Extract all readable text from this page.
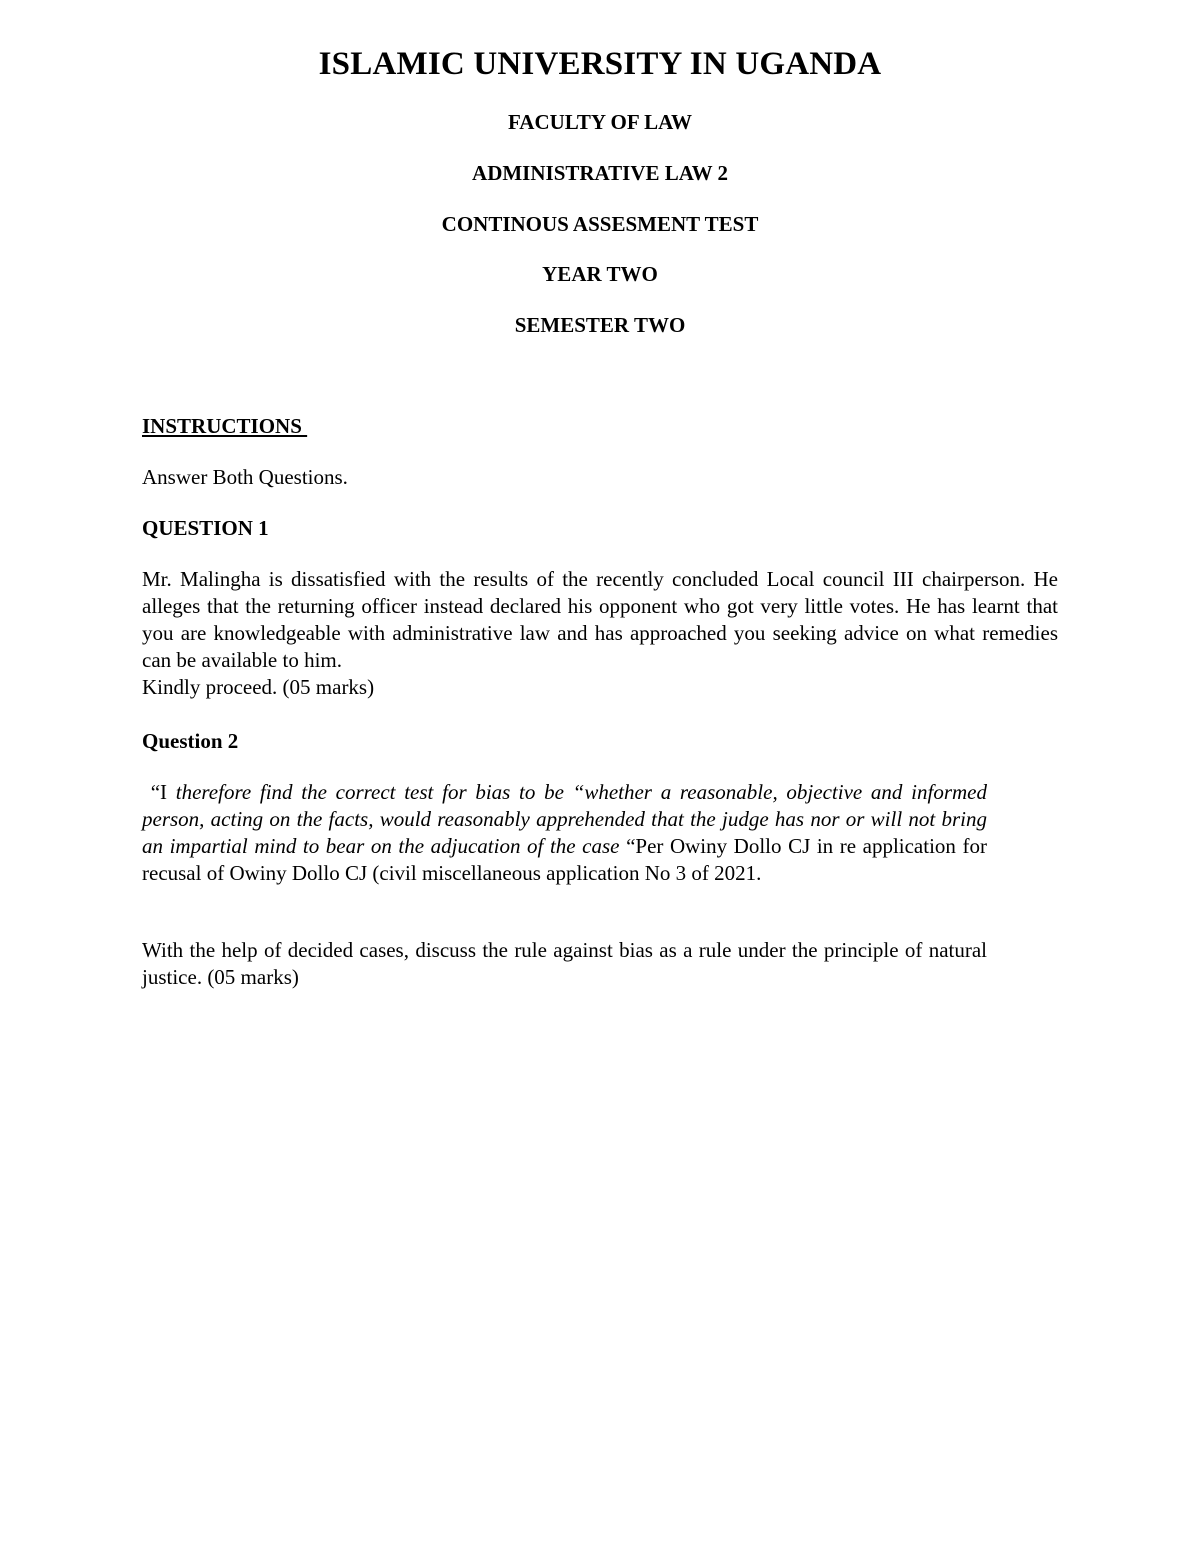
ISLAMIC UNIVERSITY IN UGANDA
FACULTY OF LAW
ADMINISTRATIVE LAW 2
CONTINOUS ASSESMENT TEST
YEAR TWO
SEMESTER TWO
INSTRUCTIONS
Answer Both Questions.
QUESTION 1
Mr. Malingha is dissatisfied with the results of the recently concluded Local council III chairperson. He alleges that the returning officer instead declared his opponent who got very little votes. He has learnt that you are knowledgeable with administrative law and has approached you seeking advice on what remedies can be available to him.
Kindly proceed. (05 marks)
Question 2
“I therefore find the correct test for bias to be “whether a reasonable, objective and informed person, acting on the facts, would reasonably apprehended that the judge has nor or will not bring an impartial mind to bear on the adjucation of the case “Per Owiny Dollo CJ in re application for recusal of Owiny Dollo CJ (civil miscellaneous application No 3 of 2021.
With the help of decided cases, discuss the rule against bias as a rule under the principle of natural justice. (05 marks)
